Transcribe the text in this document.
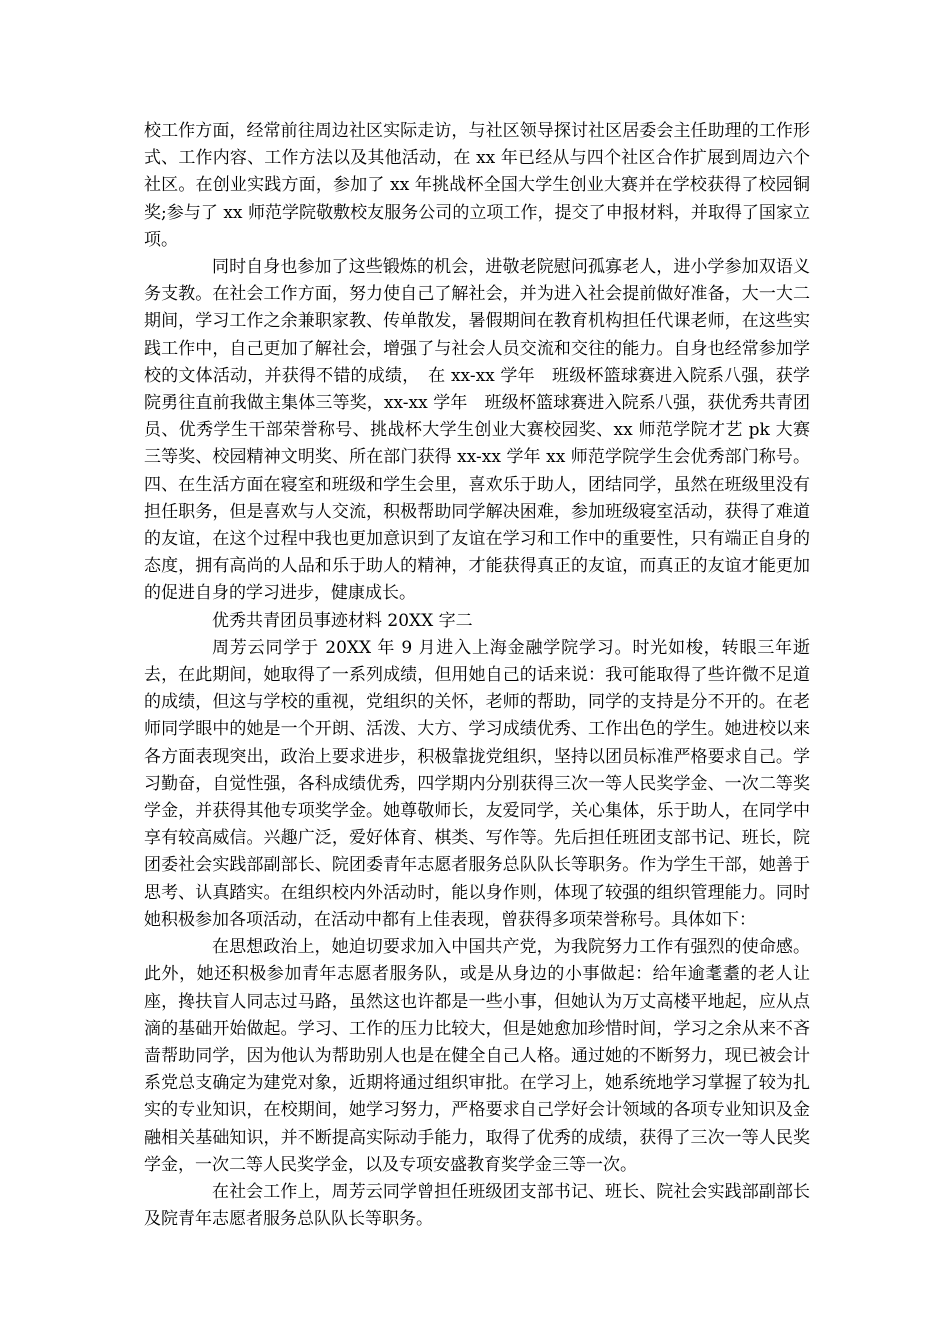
校工作方面，经常前往周边社区实际走访，与社区领导探讨社区居委会主任助理的工作形式、工作内容、工作方法以及其他活动，在 xx 年已经从与四个社区合作扩展到周边六个社区。在创业实践方面，参加了 xx 年挑战杯全国大学生创业大赛并在学校获得了校园铜奖;参与了 xx 师范学院敬敷校友服务公司的立项工作，提交了申报材料，并取得了国家立项。

同时自身也参加了这些锻炼的机会，进敬老院慰问孤寡老人，进小学参加双语义务支教。在社会工作方面，努力使自己了解社会，并为进入社会提前做好准备，大一大二期间，学习工作之余兼职家教、传单散发，暑假期间在教育机构担任代课老师，在这些实践工作中，自己更加了解社会，增强了与社会人员交流和交往的能力。自身也经常参加学校的文体活动，并获得不错的成绩，　在 xx-xx 学年　班级杯篮球赛进入院系八强，获学院勇往直前我做主集体三等奖，xx-xx 学年　班级杯篮球赛进入院系八强，获优秀共青团员、优秀学生干部荣誉称号、挑战杯大学生创业大赛校园奖、xx 师范学院才艺 pk 大赛三等奖、校园精神文明奖、所在部门获得 xx-xx 学年 xx 师范学院学生会优秀部门称号。四、在生活方面在寝室和班级和学生会里，喜欢乐于助人，团结同学，虽然在班级里没有担任职务，但是喜欢与人交流，积极帮助同学解决困难，参加班级寝室活动，获得了难道的友谊，在这个过程中我也更加意识到了友谊在学习和工作中的重要性，只有端正自身的态度，拥有高尚的人品和乐于助人的精神，才能获得真正的友谊，而真正的友谊才能更加的促进自身的学习进步，健康成长。

优秀共青团员事迹材料 20XX 字二

周芳云同学于 20XX 年 9 月进入上海金融学院学习。时光如梭，转眼三年逝去，在此期间，她取得了一系列成绩，但用她自己的话来说：我可能取得了些许微不足道的成绩，但这与学校的重视，党组织的关怀，老师的帮助，同学的支持是分不开的。在老师同学眼中的她是一个开朗、活泼、大方、学习成绩优秀、工作出色的学生。她进校以来各方面表现突出，政治上要求进步，积极靠拢党组织，坚持以团员标准严格要求自己。学习勤奋，自觉性强，各科成绩优秀，四学期内分别获得三次一等人民奖学金、一次二等奖学金，并获得其他专项奖学金。她尊敬师长，友爱同学，关心集体，乐于助人，在同学中享有较高威信。兴趣广泛，爱好体育、棋类、写作等。先后担任班团支部书记、班长，院团委社会实践部副部长、院团委青年志愿者服务总队队长等职务。作为学生干部，她善于思考、认真踏实。在组织校内外活动时，能以身作则，体现了较强的组织管理能力。同时她积极参加各项活动，在活动中都有上佳表现，曾获得多项荣誉称号。具体如下：

在思想政治上，她迫切要求加入中国共产党，为我院努力工作有强烈的使命感。此外，她还积极参加青年志愿者服务队，或是从身边的小事做起：给年逾耄耋的老人让座，搀扶盲人同志过马路，虽然这也许都是一些小事，但她认为万丈高楼平地起，应从点滴的基础开始做起。学习、工作的压力比较大，但是她愈加珍惜时间，学习之余从来不吝啬帮助同学，因为他认为帮助别人也是在健全自己人格。通过她的不断努力，现已被会计系党总支确定为建党对象，近期将通过组织审批。在学习上，她系统地学习掌握了较为扎实的专业知识，在校期间，她学习努力，严格要求自己学好会计领域的各项专业知识及金融相关基础知识，并不断提高实际动手能力，取得了优秀的成绩，获得了三次一等人民奖学金，一次二等人民奖学金，以及专项安盛教育奖学金三等一次。

在社会工作上，周芳云同学曾担任班级团支部书记、班长、院社会实践部副部长及院青年志愿者服务总队队长等职务。
